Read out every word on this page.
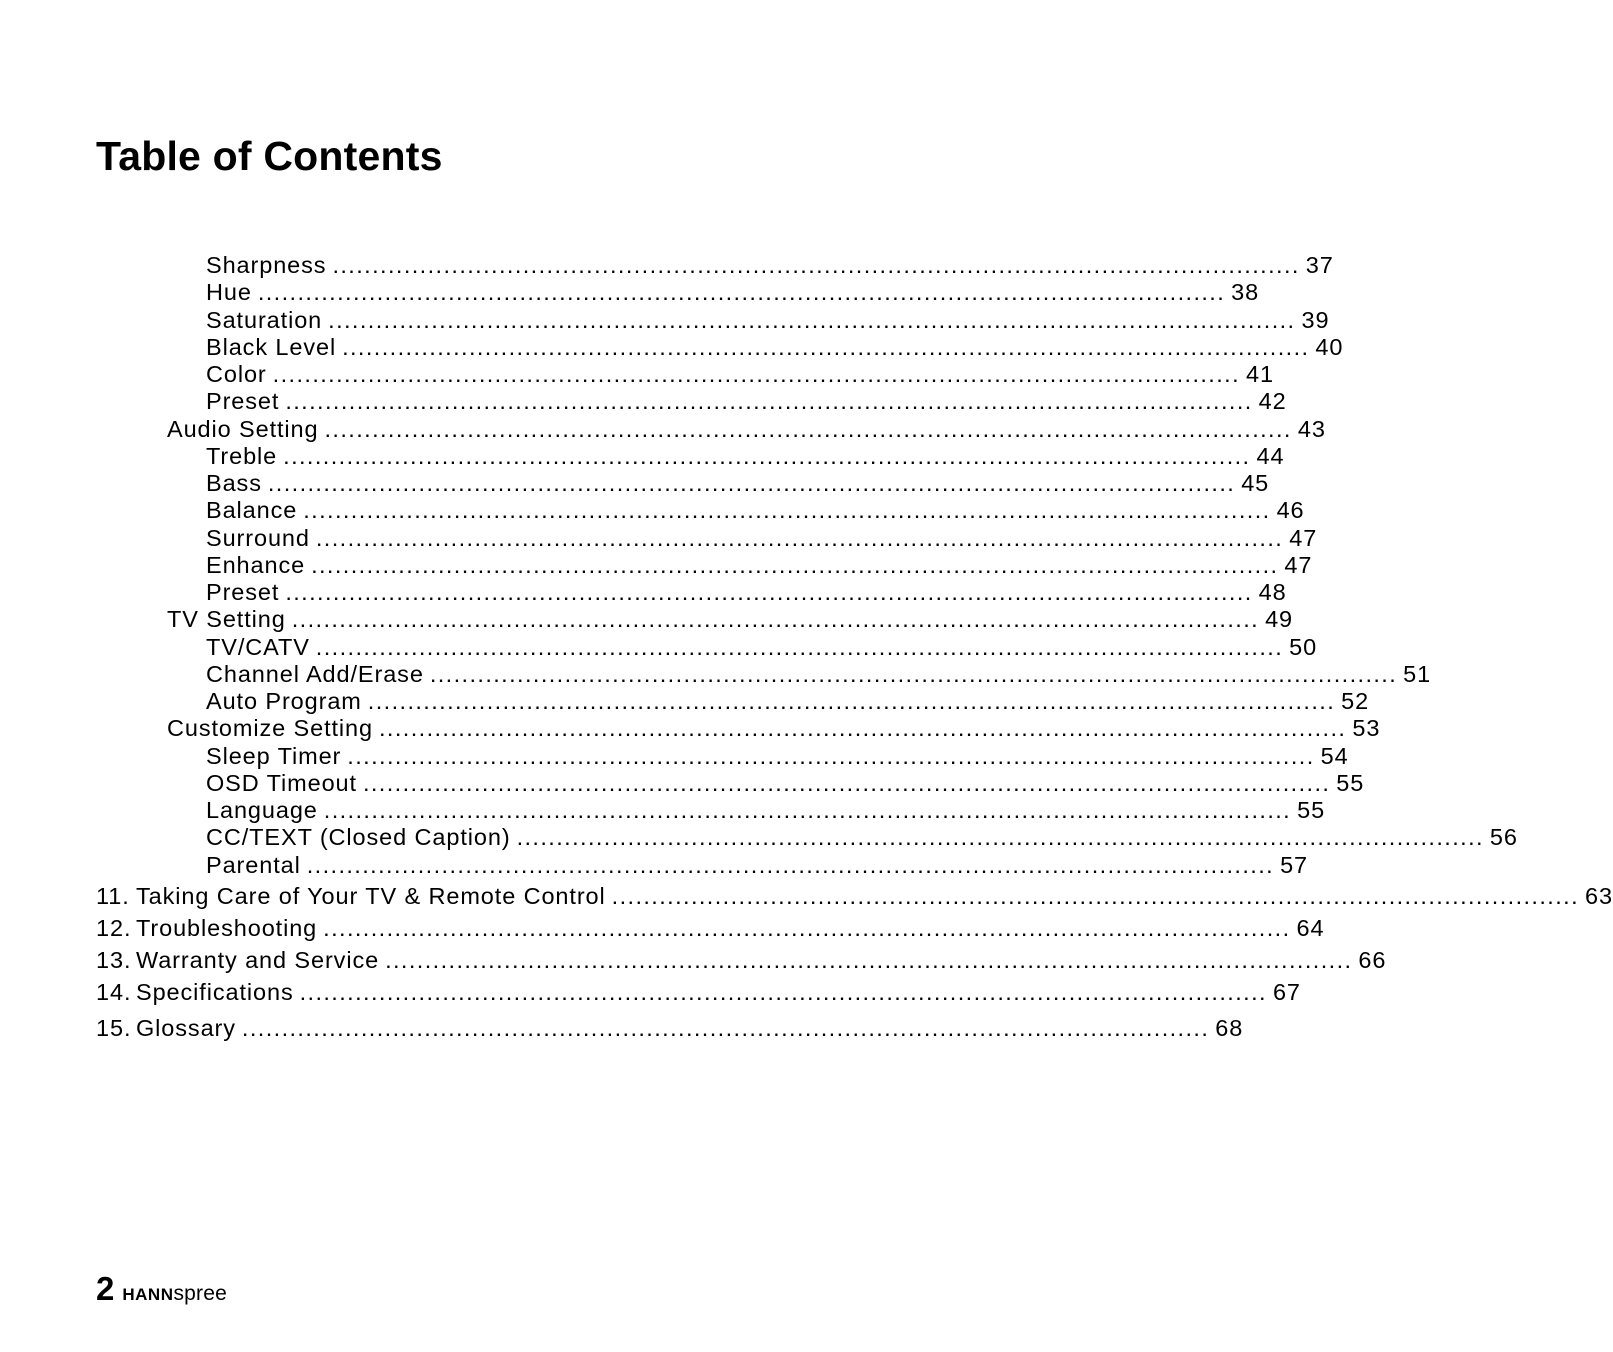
Table of Contents
Sharpness .......................................................................................................................... 37
Hue .......................................................................................................................... 38
Saturation .......................................................................................................................... 39
Black Level .......................................................................................................................... 40
Color .......................................................................................................................... 41
Preset .......................................................................................................................... 42
Audio Setting .......................................................................................................................... 43
Treble .......................................................................................................................... 44
Bass .......................................................................................................................... 45
Balance .......................................................................................................................... 46
Surround .......................................................................................................................... 47
Enhance .......................................................................................................................... 47
Preset .......................................................................................................................... 48
TV Setting .......................................................................................................................... 49
TV/CATV .......................................................................................................................... 50
Channel Add/Erase .......................................................................................................................... 51
Auto Program .......................................................................................................................... 52
Customize Setting .......................................................................................................................... 53
Sleep Timer .......................................................................................................................... 54
OSD Timeout .......................................................................................................................... 55
Language .......................................................................................................................... 55
CC/TEXT (Closed Caption) .......................................................................................................................... 56
Parental .......................................................................................................................... 57
11. Taking Care of Your TV & Remote Control .......................................................................................................................... 63
12. Troubleshooting .......................................................................................................................... 64
13. Warranty and Service .......................................................................................................................... 66
14. Specifications .......................................................................................................................... 67
15. Glossary .......................................................................................................................... 68
2 HANNspree
